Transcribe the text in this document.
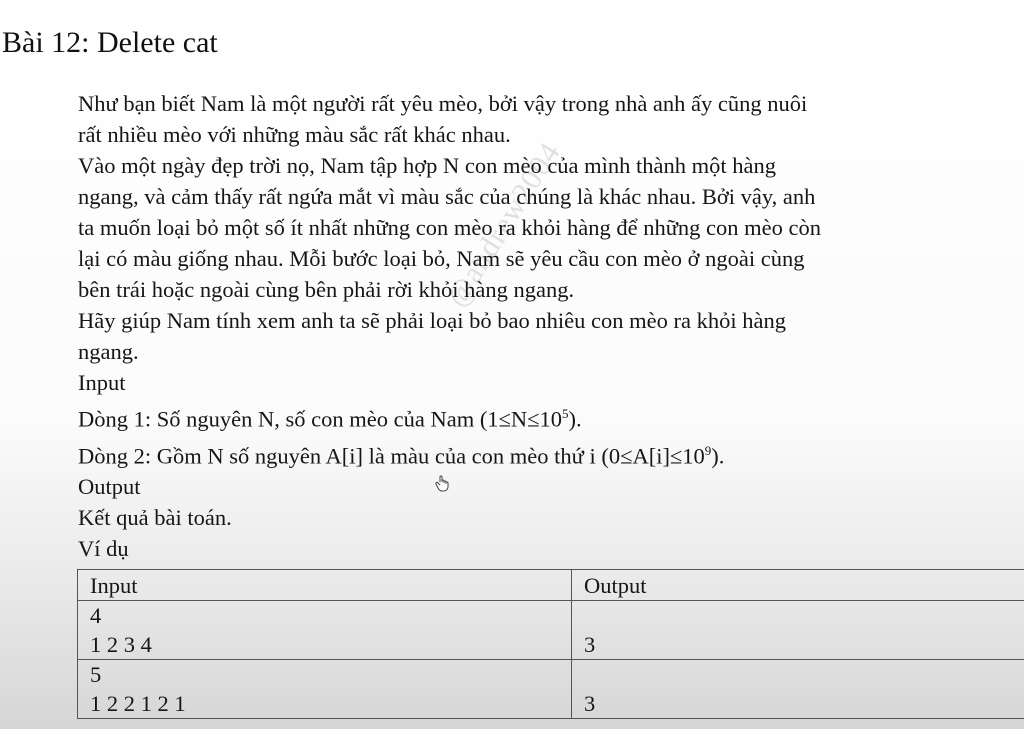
Bài 12: Delete cat
@andrew2004
Như bạn biết Nam là một người rất yêu mèo, bởi vậy trong nhà anh ấy cũng nuôi
rất nhiều mèo với những màu sắc rất khác nhau.
Vào một ngày đẹp trời nọ, Nam tập hợp N con mèo của mình thành một hàng
ngang, và cảm thấy rất ngứa mắt vì màu sắc của chúng là khác nhau. Bởi vậy, anh
ta muốn loại bỏ một số ít nhất những con mèo ra khỏi hàng để những con mèo còn
lại có màu giống nhau. Mỗi bước loại bỏ, Nam sẽ yêu cầu con mèo ở ngoài cùng
bên trái hoặc ngoài cùng bên phải rời khỏi hàng ngang.
Hãy giúp Nam tính xem anh ta sẽ phải loại bỏ bao nhiêu con mèo ra khỏi hàng
ngang.
Input
Dòng 1: Số nguyên N, số con mèo của Nam $(1\le N\le 10^5)$.
Dòng 2: Gồm N số nguyên A[i] là màu của con mèo thứ i $(0\le A[i]\le 10^9)$.
Output
Kết quả bài toán.
Ví dụ
Input	Output

4
1 2 3 4	3

5
1 2 2 1 2 1	3
